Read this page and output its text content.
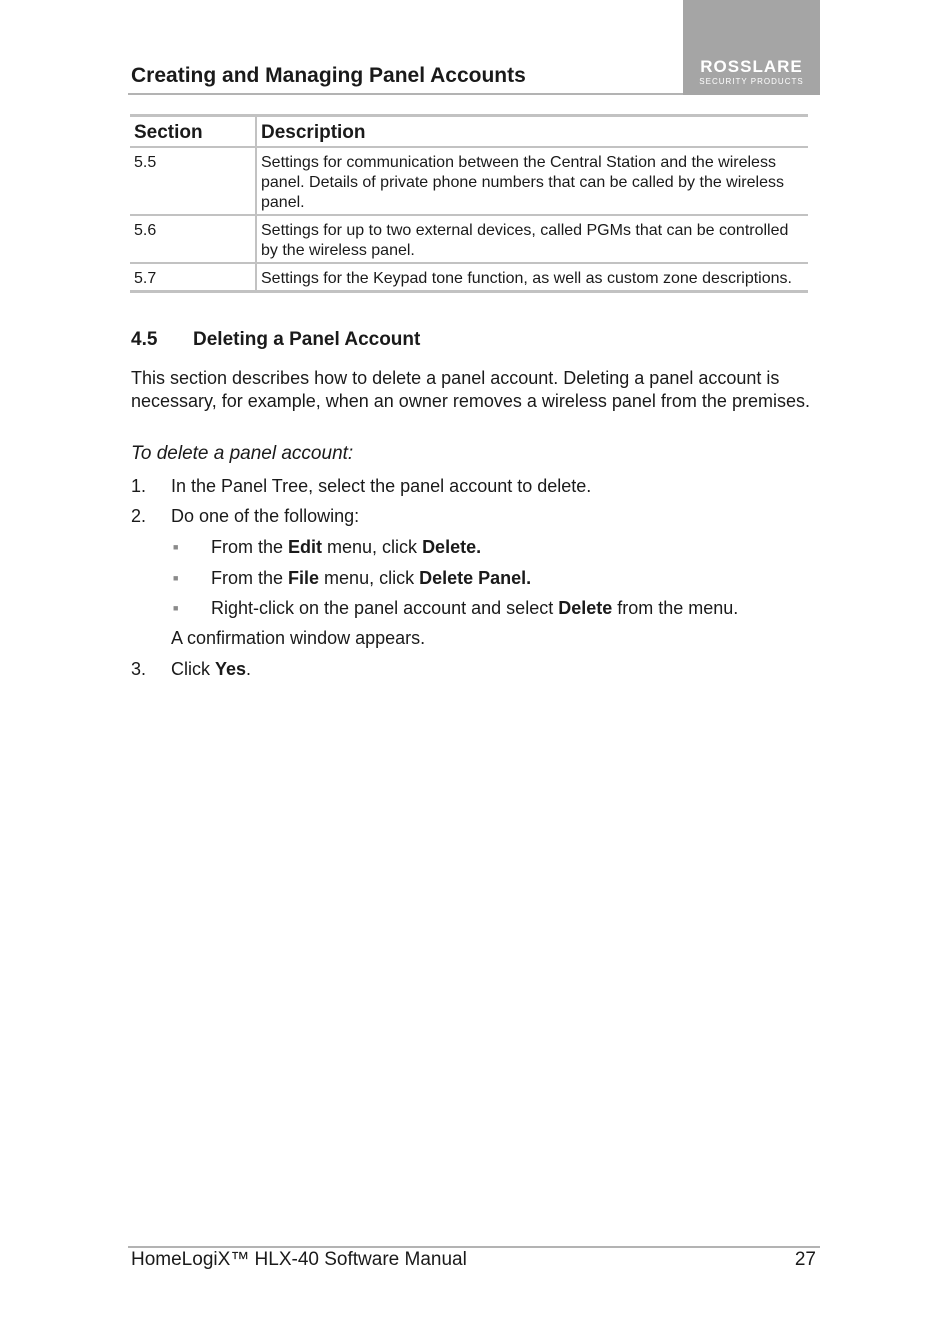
Creating and Managing Panel Accounts	ROSSLARE
SECURITY PRODUCTS
Section	Description
5.5	Settings for communication between the Central Station and the wireless panel. Details of private phone numbers that can be called by the wireless panel.
5.6	Settings for up to two external devices, called PGMs that can be controlled by the wireless panel.
5.7	Settings for the Keypad tone function, as well as custom zone descriptions.
4.5 Deleting a Panel Account
This section describes how to delete a panel account. Deleting a panel account is necessary, for example, when an owner removes a wireless panel from the premises.
To delete a panel account:
1. In the Panel Tree, select the panel account to delete.
2. Do one of the following:
■ From the Edit menu, click Delete.
■ From the File menu, click Delete Panel.
■ Right-click on the panel account and select Delete from the menu.
A confirmation window appears.
3. Click Yes.
HomeLogiX™ HLX-40 Software Manual	27
